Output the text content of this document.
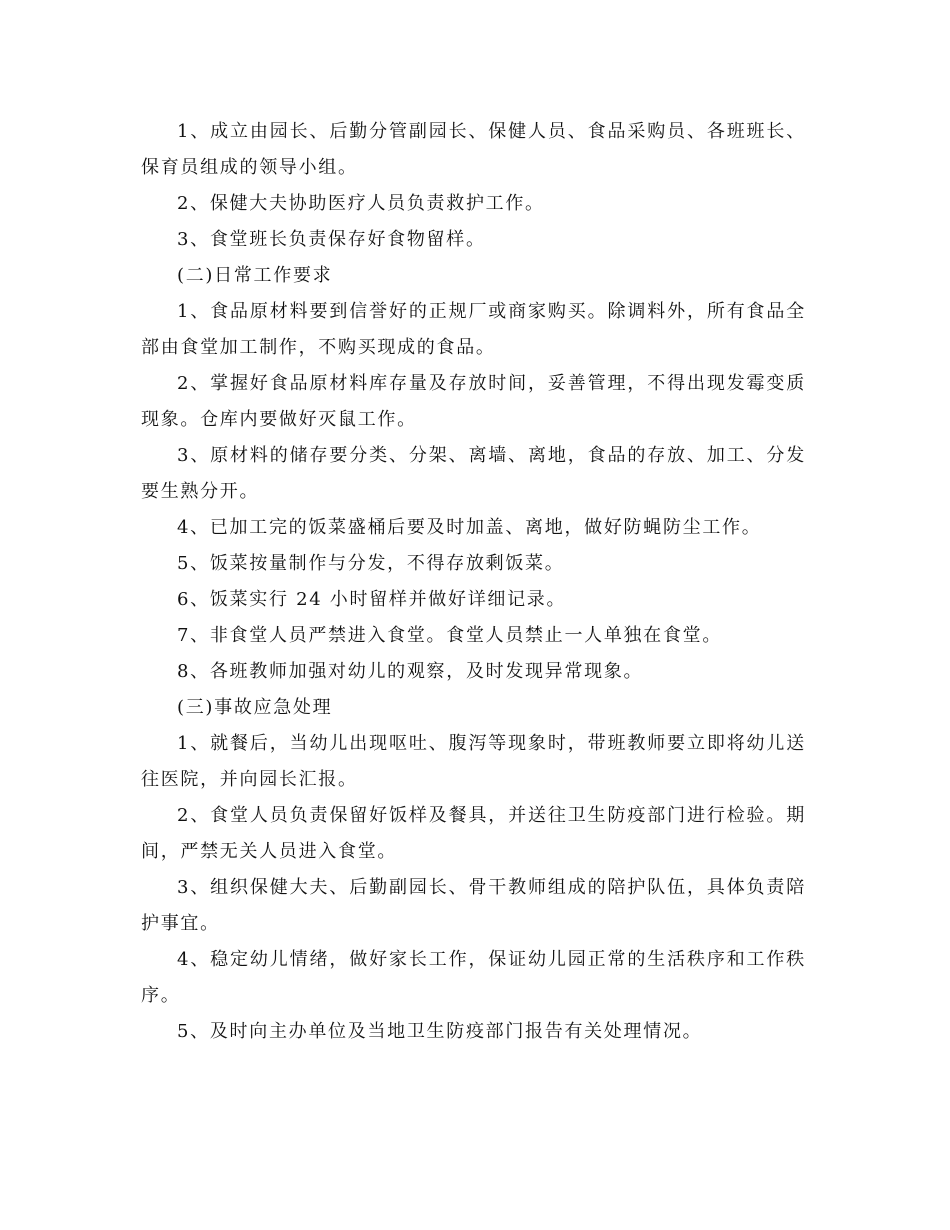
1、成立由园长、后勤分管副园长、保健人员、食品采购员、各班班长、保育员组成的领导小组。

2、保健大夫协助医疗人员负责救护工作。

3、食堂班长负责保存好食物留样。

(二)日常工作要求

1、食品原材料要到信誉好的正规厂或商家购买。除调料外，所有食品全部由食堂加工制作，不购买现成的食品。

2、掌握好食品原材料库存量及存放时间，妥善管理，不得出现发霉变质现象。仓库内要做好灭鼠工作。

3、原材料的储存要分类、分架、离墙、离地，食品的存放、加工、分发要生熟分开。

4、已加工完的饭菜盛桶后要及时加盖、离地，做好防蝇防尘工作。

5、饭菜按量制作与分发，不得存放剩饭菜。

6、饭菜实行 24 小时留样并做好详细记录。

7、非食堂人员严禁进入食堂。食堂人员禁止一人单独在食堂。

8、各班教师加强对幼儿的观察，及时发现异常现象。

(三)事故应急处理

1、就餐后，当幼儿出现呕吐、腹泻等现象时，带班教师要立即将幼儿送往医院，并向园长汇报。

2、食堂人员负责保留好饭样及餐具，并送往卫生防疫部门进行检验。期间，严禁无关人员进入食堂。

3、组织保健大夫、后勤副园长、骨干教师组成的陪护队伍，具体负责陪护事宜。

4、稳定幼儿情绪，做好家长工作，保证幼儿园正常的生活秩序和工作秩序。

5、及时向主办单位及当地卫生防疫部门报告有关处理情况。
